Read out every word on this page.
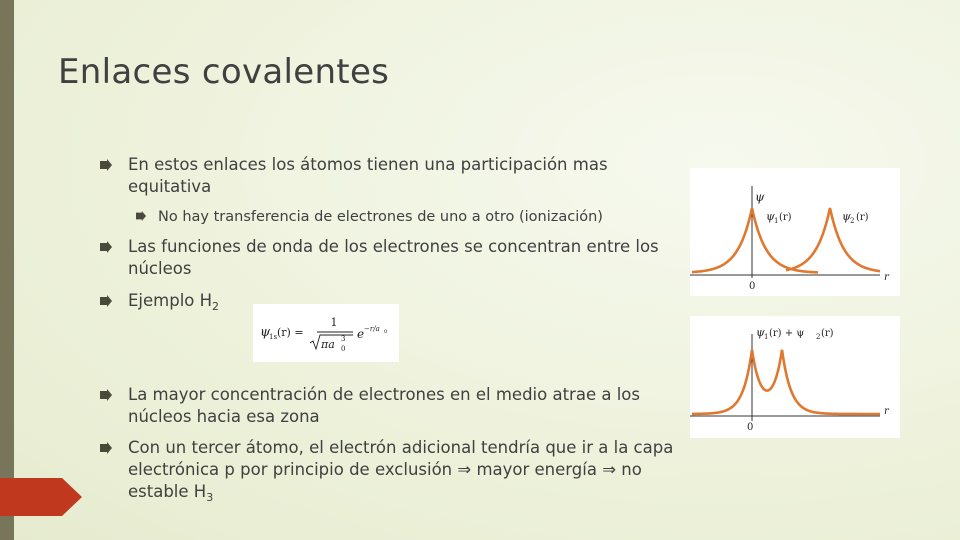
Enlaces covalentes
En estos enlaces los átomos tienen una participación mas equitativa
No hay transferencia de electrones de uno a otro (ionización)
Las funciones de onda de los electrones se concentran entre los núcleos
Ejemplo $H_2$
La mayor concentración de electrones en el medio atrae a los núcleos hacia esa zona
Con un tercer átomo, el electrón adicional tendría que ir a la capa electrónica p por principio de exclusión ⇒ mayor energía ⇒ no estable $H_3$
ψ
1s (r) =
1
πa 0
3 e −r/a 0
ψ
r
0
ψ 1 (r)	ψ 2 (r)
r
0
ψ 1 (r) + ψ 2 (r)
